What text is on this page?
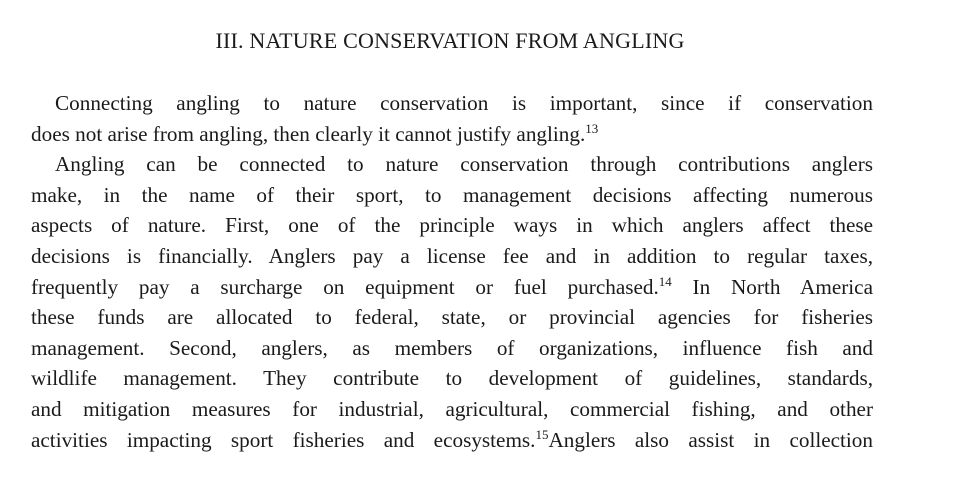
III. NATURE CONSERVATION FROM ANGLING
Connecting angling to nature conservation is important, since if conservation
does not arise from angling, then clearly it cannot justify angling.$^{13}$
Angling can be connected to nature conservation through contributions anglers
make, in the name of their sport, to management decisions affecting numerous
aspects of nature. First, one of the principle ways in which anglers affect these
decisions is financially. Anglers pay a license fee and in addition to regular taxes,
frequently pay a surcharge on equipment or fuel purchased.$^{14}$ In North America
these funds are allocated to federal, state, or provincial agencies for fisheries
management. Second, anglers, as members of organizations, influence fish and
wildlife management. They contribute to development of guidelines, standards,
and mitigation measures for industrial, agricultural, commercial fishing, and other
activities impacting sport fisheries and ecosystems.$^{15}$Anglers also assist in collection
